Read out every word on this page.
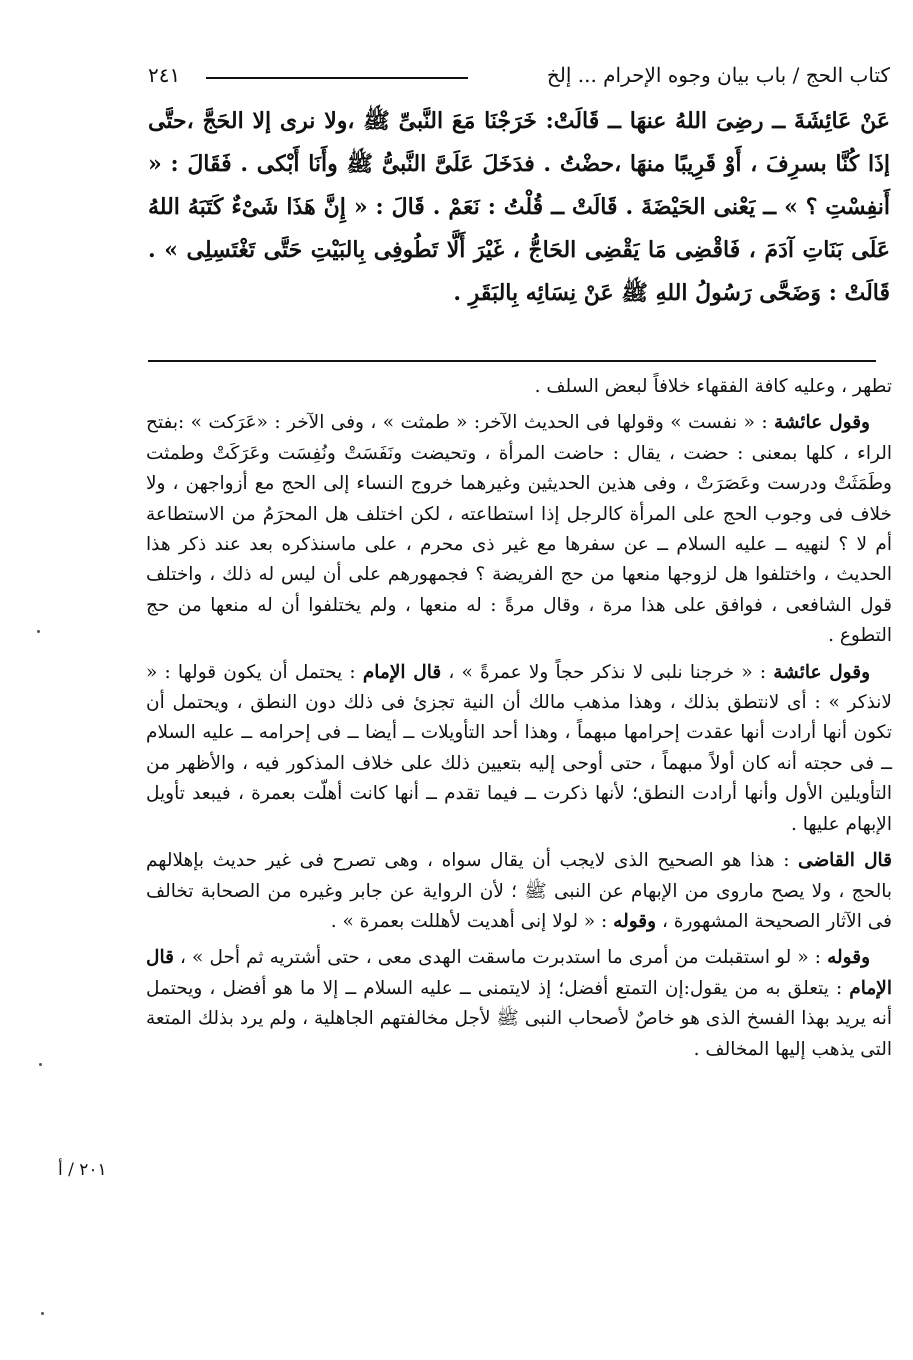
كتاب الحج / باب بيان وجوه الإحرام ... إلخ
٢٤١

عَنْ عَائِشَةَ ــ رضِىَ اللهُ عنهَا ــ قَالَتْ: خَرَجْنَا مَعَ النَّبىِّ ﷺ ،ولا نرى إلا الحَجَّ ،حتَّى إذَا كُنَّا بسرِفَ ، أَوْ قَرِيبًا منهَا ،حضْتُ . فدَخَلَ عَلَىَّ النَّبىُّ ﷺ وأَنَا أَبْكى . فَقَالَ : « أَنفِسْتِ ؟ » ــ يَعْنى الحَيْضَةَ . قَالَتْ ــ قُلْتُ : نَعَمْ . قَالَ : « إِنَّ هَذَا شَىْءٌ كَتَبَهُ اللهُ عَلَى بَنَاتِ آدَمَ ، فَاقْضِى مَا يَقْضِى الحَاجُّ ، غَيْرَ أَلَّا تَطُوفِى بِالبَيْتِ حَتَّى تَغْتَسِلِى » . قَالَتْ : وَضَحَّى رَسُولُ اللهِ ﷺ عَنْ نِسَائِه بِالبَقَرِ .

تطهر ، وعليه كافة الفقهاء خلافاً لبعض السلف .

وقول عائشة : « نفست » وقولها فى الحديث الآخر: « طمثت » ، وفى الآخر : «عَرَكت » :بفتح الراء ، كلها بمعنى : حضت ، يقال : حاضت المرأة ، وتحيضت ونَفَسَتْ ونُفِسَت وعَرَكَتْ وطمثت وطَمَثَتْ ودرست وعَصَرَتْ ، وفى هذين الحديثين وغيرهما خروج النساء إلى الحج مع أزواجهن ، ولا خلاف فى وجوب الحج على المرأة كالرجل إذا استطاعته ، لكن اختلف هل المحرَمُ من الاستطاعة أم لا ؟ لنهيه ــ عليه السلام ــ عن سفرها مع غير ذى محرم ، على ماسنذكره بعد عند ذكر هذا الحديث ، واختلفوا هل لزوجها منعها من حج الفريضة ؟ فجمهورهم على أن ليس له ذلك ، واختلف قول الشافعى ، فوافق على هذا مرة ، وقال مرةً : له منعها ، ولم يختلفوا أن له منعها من حج التطوع .

وقول عائشة : « خرجنا نلبى لا نذكر حجاً ولا عمرةً » ، قال الإمام : يحتمل أن يكون قولها : « لانذكر » : أى لانتطق بذلك ، وهذا مذهب مالك أن النية تجزئ فى ذلك دون النطق ، ويحتمل أن تكون أنها أرادت أنها عقدت إحرامها مبهماً ، وهذا أحد التأويلات ــ أيضا ــ فى إحرامه ــ عليه السلام ــ فى حجته أنه كان أولاً مبهماً ، حتى أوحى إليه بتعيين ذلك على خلاف المذكور فيه ، والأظهر من التأويلين الأول وأنها أرادت النطق؛ لأنها ذكرت ــ فيما تقدم ــ أنها كانت أهلّت بعمرة ، فيبعد تأويل الإبهام عليها .

قال القاضى : هذا هو الصحيح الذى لايجب أن يقال سواه ، وهى تصرح فى غير حديث بإهلالهم بالحج ، ولا يصح ماروى من الإبهام عن النبى ﷺ ؛ لأن الرواية عن جابر وغيره من الصحابة تخالف فى الآثار الصحيحة المشهورة ، وقوله : « لولا إنى أهديت لأهللت بعمرة » .

وقوله : « لو استقبلت من أمرى ما استدبرت ماسقت الهدى معى ، حتى أشتريه ثم أحل » ، قال الإمام : يتعلق به من يقول:إن التمتع أفضل؛ إذ لايتمنى ــ عليه السلام ــ إلا ما هو أفضل ، ويحتمل أنه يريد بهذا الفسخ الذى هو خاصٌ لأصحاب النبى ﷺ لأجل مخالفتهم الجاهلية ، ولم يرد بذلك المتعة التى يذهب إليها المخالف .

٢٠١ / أ
